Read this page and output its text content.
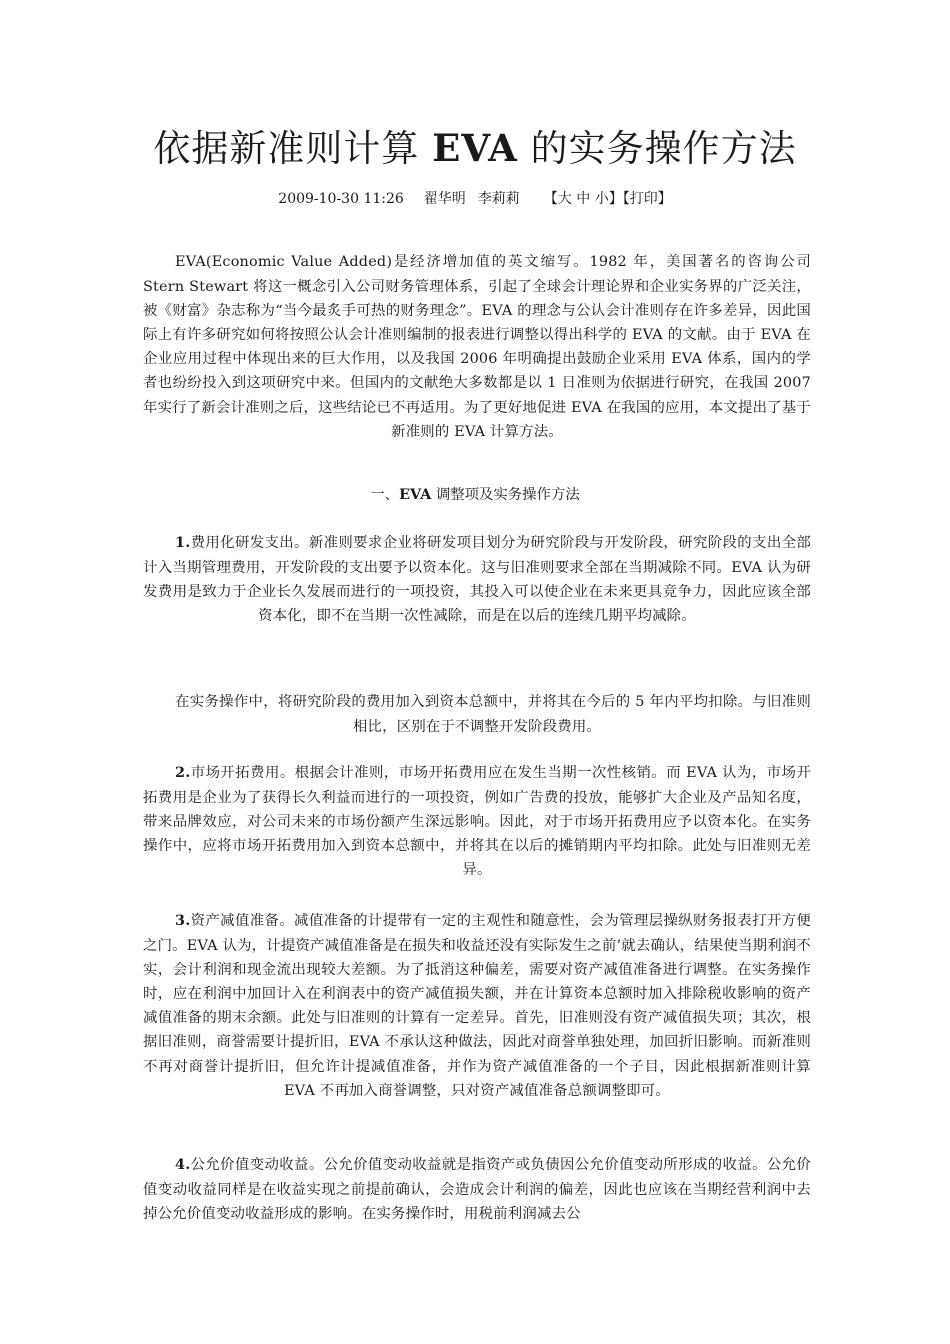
依据新准则计算 EVA 的实务操作方法
2009-10-30 11:26 翟华明 李莉莉 【大 中 小】【打印】

EVA(Economic Value Added)是经济增加值的英文缩写。1982 年，美国著名的咨询公司 Stern Stewart 将这一概念引入公司财务管理体系，引起了全球会计理论界和企业实务界的广泛关注，被《财富》杂志称为“当今最炙手可热的财务理念”。EVA 的理念与公认会计准则存在许多差异，因此国际上有许多研究如何将按照公认会计准则编制的报表进行调整以得出科学的 EVA 的文献。由于 EVA 在企业应用过程中体现出来的巨大作用，以及我国 2006 年明确提出鼓励企业采用 EVA 体系，国内的学者也纷纷投入到这项研究中来。但国内的文献绝大多数都是以 1 日准则为依据进行研究，在我国 2007 年实行了新会计准则之后，这些结论已不再适用。为了更好地促进 EVA 在我国的应用，本文提出了基于新准则的 EVA 计算方法。

一、EVA 调整项及实务操作方法

1.费用化研发支出。新准则要求企业将研发项目划分为研究阶段与开发阶段，研究阶段的支出全部计入当期管理费用，开发阶段的支出要予以资本化。这与旧准则要求全部在当期减除不同。EVA 认为研发费用是致力于企业长久发展而进行的一项投资，其投入可以使企业在未来更具竞争力，因此应该全部资本化，即不在当期一次性减除，而是在以后的连续几期平均减除。

在实务操作中，将研究阶段的费用加入到资本总额中，并将其在今后的 5 年内平均扣除。与旧准则相比，区别在于不调整开发阶段费用。

2.市场开拓费用。根据会计准则，市场开拓费用应在发生当期一次性核销。而 EVA 认为，市场开拓费用是企业为了获得长久利益而进行的一项投资，例如广告费的投放，能够扩大企业及产品知名度，带来品牌效应，对公司未来的市场份额产生深远影响。因此，对于市场开拓费用应予以资本化。在实务操作中，应将市场开拓费用加入到资本总额中，并将其在以后的摊销期内平均扣除。此处与旧准则无差异。

3.资产减值准备。减值准备的计提带有一定的主观性和随意性，会为管理层操纵财务报表打开方便之门。EVA 认为，计提资产减值准备是在损失和收益还没有实际发生之前’就去确认，结果使当期利润不实，会计利润和现金流出现较大差额。为了抵消这种偏差，需要对资产减值准备进行调整。在实务操作时，应在利润中加回计入在利润表中的资产减值损失额，并在计算资本总额时加入排除税收影响的资产减值准备的期末余额。此处与旧准则的计算有一定差异。首先，旧准则没有资产减值损失项；其次，根据旧准则，商誉需要计提折旧，EVA 不承认这种做法，因此对商誉单独处理，加回折旧影响。而新准则不再对商誉计提折旧，但允许计提减值准备，并作为资产减值准备的一个子目，因此根据新准则计算 EVA 不再加入商誉调整，只对资产减值准备总额调整即可。

4.公允价值变动收益。公允价值变动收益就是指资产或负债因公允价值变动所形成的收益。公允价值变动收益同样是在收益实现之前提前确认，会造成会计利润的偏差，因此也应该在当期经营利润中去掉公允价值变动收益形成的影响。在实务操作时，用税前利润减去公
